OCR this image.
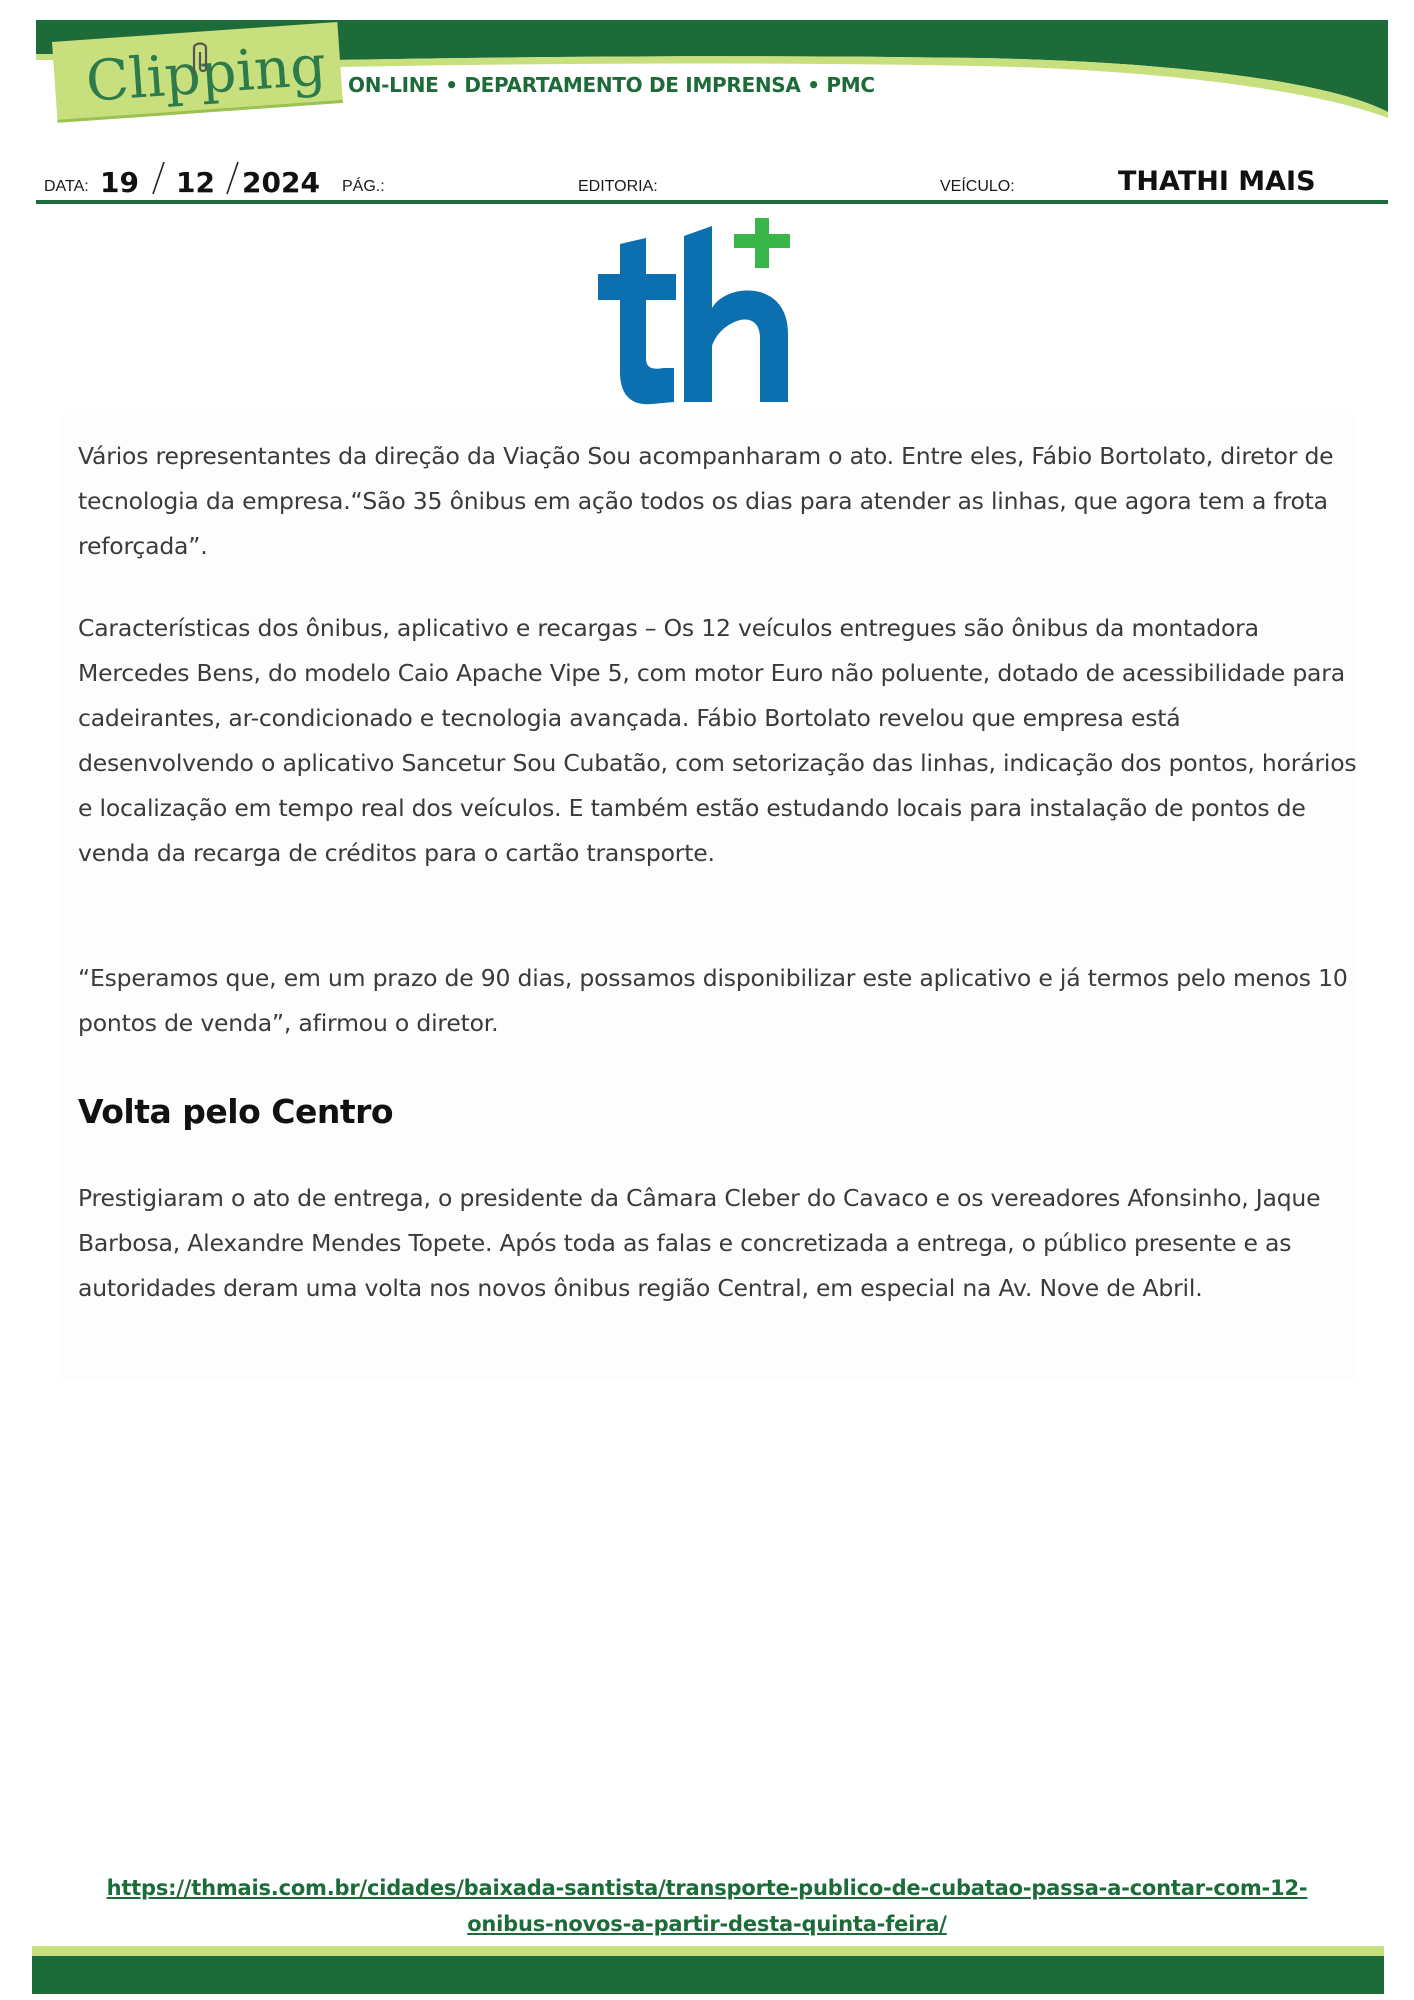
Clipping ON-LINE • DEPARTAMENTO DE IMPRENSA • PMC
DATA: 19 12 2024 PÁG.:	EDITORIA:	VEÍCULO:	THATHI MAIS

Vários representantes da direção da Viação Sou acompanharam o ato. Entre eles, Fábio Bortolato, diretor de tecnologia da empresa.“São 35 ônibus em ação todos os dias para atender as linhas, que agora tem a frota reforçada”.

Características dos ônibus, aplicativo e recargas – Os 12 veículos entregues são ônibus da montadora Mercedes Bens, do modelo Caio Apache Vipe 5, com motor Euro não poluente, dotado de acessibilidade para cadeirantes, ar-condicionado e tecnologia avançada. Fábio Bortolato revelou que empresa está desenvolvendo o aplicativo Sancetur Sou Cubatão, com setorização das linhas, indicação dos pontos, horários e localização em tempo real dos veículos. E também estão estudando locais para instalação de pontos de venda da recarga de créditos para o cartão transporte.

“Esperamos que, em um prazo de 90 dias, possamos disponibilizar este aplicativo e já termos pelo menos 10 pontos de venda”, afirmou o diretor.

Volta pelo Centro

Prestigiaram o ato de entrega, o presidente da Câmara Cleber do Cavaco e os vereadores Afonsinho, Jaque Barbosa, Alexandre Mendes Topete. Após toda as falas e concretizada a entrega, o público presente e as autoridades deram uma volta nos novos ônibus região Central, em especial na Av. Nove de Abril.

https://thmais.com.br/cidades/baixada-santista/transporte-publico-de-cubatao-passa-a-contar-com-12-onibus-novos-a-partir-desta-quinta-feira/
